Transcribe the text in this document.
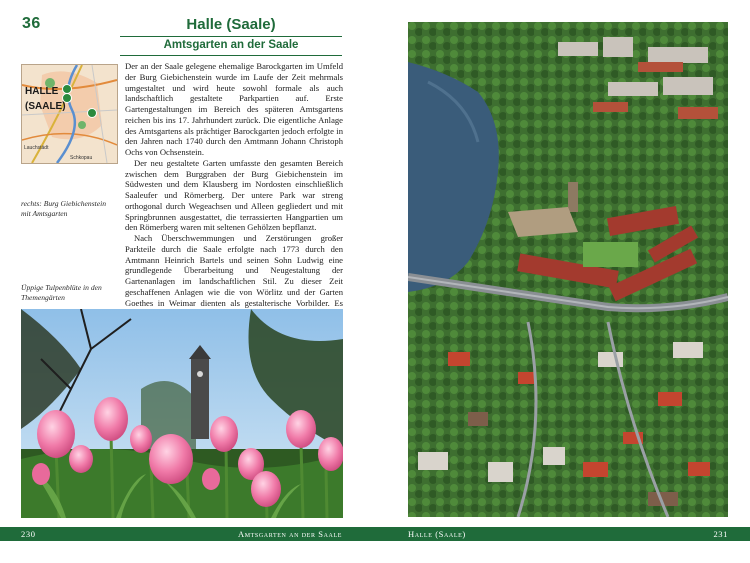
36	Halle (Saale)
Amtsgarten an der Saale
HALLE
(SAALE)
Lauchstädt
Schkopau
rechts: Burg Giebichenstein mit Amtsgarten
Üppige Tulpenblüte in den Themengärten

Der an der Saale gelegene ehemalige Barockgarten im Umfeld der Burg Giebichenstein wurde im Laufe der Zeit mehrmals umgestaltet und wird heute sowohl formale als auch landschaftlich gestaltete Parkpartien auf. Erste Gartengestaltungen im Bereich des späteren Amtsgartens reichen bis ins 17. Jahrhundert zurück. Die eigentliche Anlage des Amtsgartens als prächtiger Barockgarten jedoch erfolgte in den Jahren nach 1740 durch den Amtmann Johann Christoph Ochs von Ochsenstein.

Der neu gestaltete Garten umfasste den gesamten Bereich zwischen dem Burggraben der Burg Giebichenstein im Südwesten und dem Klausberg im Nordosten einschließlich Saaleufer und Römerberg. Der untere Park war streng orthogonal durch Wegeachsen und Alleen gegliedert und mit Springbrunnen ausgestattet, die terrassierten Hangpartien um den Römerberg waren mit seltenen Gehölzen bepflanzt.

Nach Überschwemmungen und Zerstörungen großer Parkteile durch die Saale erfolgte nach 1773 durch den Amtmann Heinrich Bartels und seinen Sohn Ludwig eine grundlegende Überarbeitung und Neugestaltung der Gartenanlagen im landschaftlichen Stil. Zu dieser Zeit geschaffenen Anlagen wie die von Wörlitz und der Garten Goethes in Weimar dienten als gestalterische Vorbilder. Es

230	Amtsgarten an der Saale	Halle (Saale)	231
